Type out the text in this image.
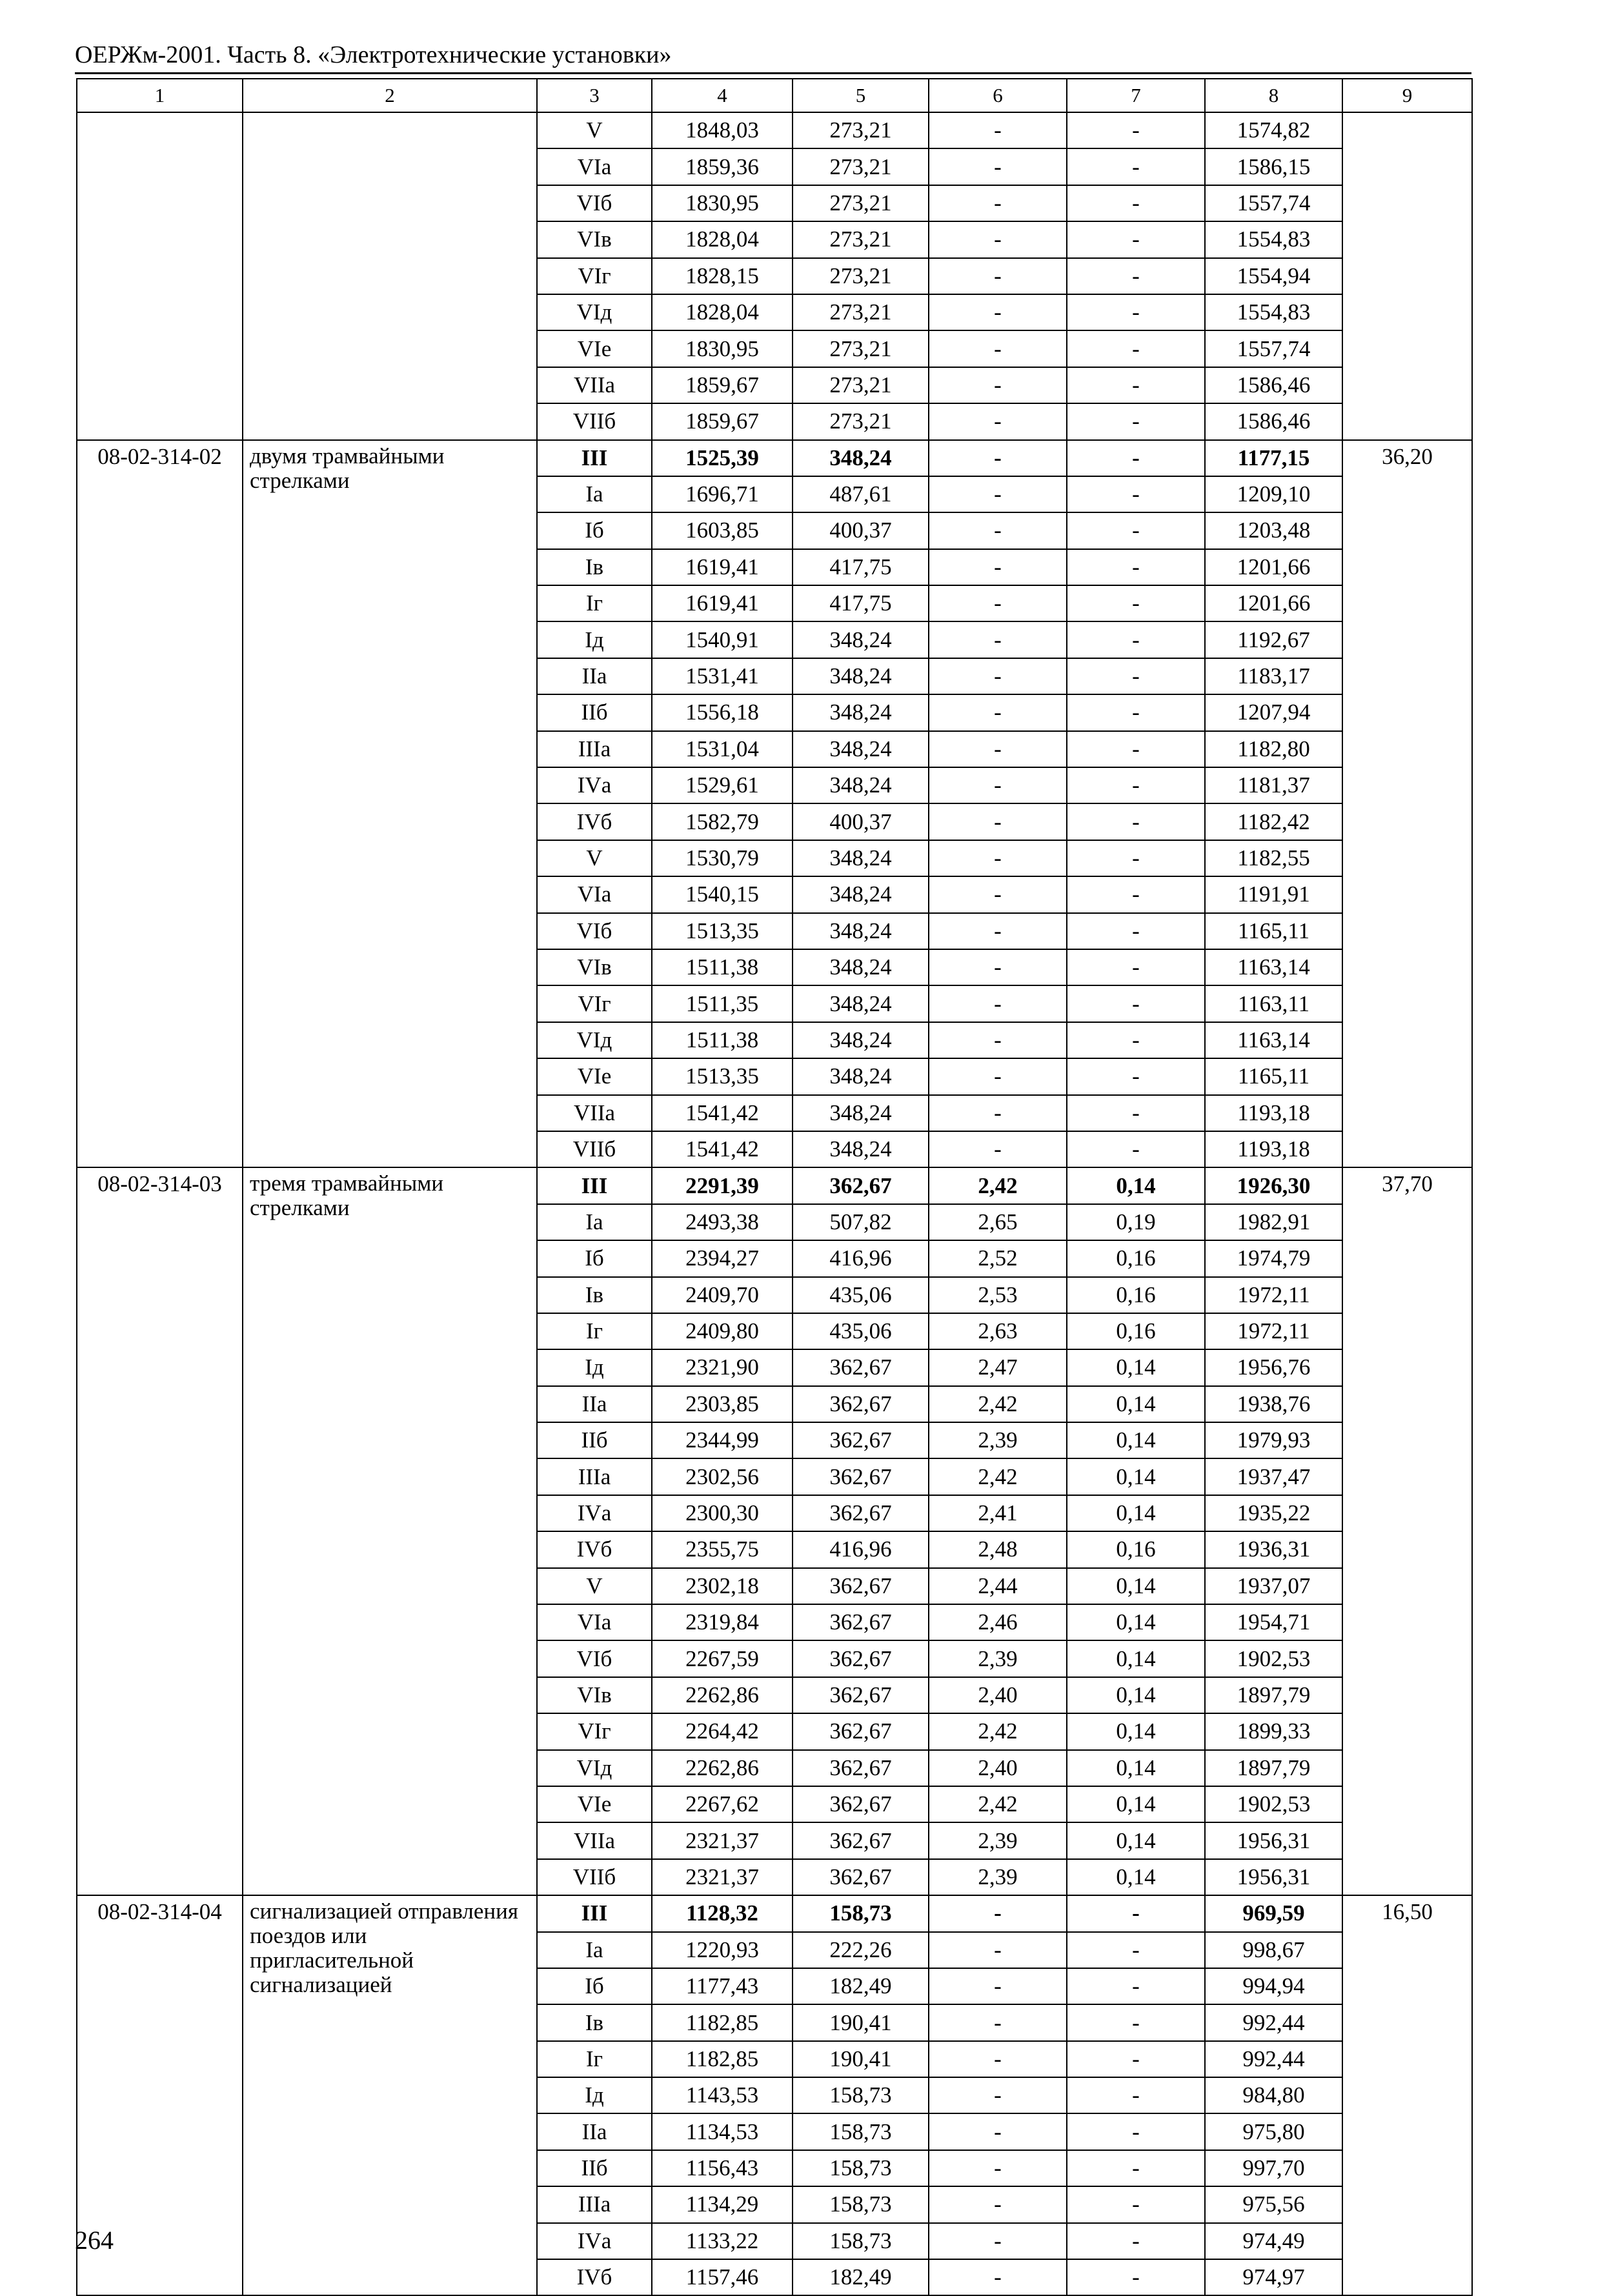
ОЕРЖм-2001. Часть 8. «Электротехнические установки»
1	2	3	4	5	6	7	8	9
		V	1848,03	273,21	-	-	1574,82	
		VIа	1859,36	273,21	-	-	1586,15	
		VIб	1830,95	273,21	-	-	1557,74	
		VIв	1828,04	273,21	-	-	1554,83	
		VIг	1828,15	273,21	-	-	1554,94	
		VIд	1828,04	273,21	-	-	1554,83	
		VIе	1830,95	273,21	-	-	1557,74	
		VIIа	1859,67	273,21	-	-	1586,46	
		VIIб	1859,67	273,21	-	-	1586,46	
08-02-314-02	двумя трамвайными стрелками	III	1525,39	348,24	-	-	1177,15	36,20
		Iа	1696,71	487,61	-	-	1209,10	
		Iб	1603,85	400,37	-	-	1203,48	
		Iв	1619,41	417,75	-	-	1201,66	
		Iг	1619,41	417,75	-	-	1201,66	
		Iд	1540,91	348,24	-	-	1192,67	
		IIа	1531,41	348,24	-	-	1183,17	
		IIб	1556,18	348,24	-	-	1207,94	
		IIIа	1531,04	348,24	-	-	1182,80	
		IVа	1529,61	348,24	-	-	1181,37	
		IVб	1582,79	400,37	-	-	1182,42	
		V	1530,79	348,24	-	-	1182,55	
		VIа	1540,15	348,24	-	-	1191,91	
		VIб	1513,35	348,24	-	-	1165,11	
		VIв	1511,38	348,24	-	-	1163,14	
		VIг	1511,35	348,24	-	-	1163,11	
		VIд	1511,38	348,24	-	-	1163,14	
		VIе	1513,35	348,24	-	-	1165,11	
		VIIа	1541,42	348,24	-	-	1193,18	
		VIIб	1541,42	348,24	-	-	1193,18	
08-02-314-03	тремя трамвайными стрелками	III	2291,39	362,67	2,42	0,14	1926,30	37,70
		Iа	2493,38	507,82	2,65	0,19	1982,91	
		Iб	2394,27	416,96	2,52	0,16	1974,79	
		Iв	2409,70	435,06	2,53	0,16	1972,11	
		Iг	2409,80	435,06	2,63	0,16	1972,11	
		Iд	2321,90	362,67	2,47	0,14	1956,76	
		IIа	2303,85	362,67	2,42	0,14	1938,76	
		IIб	2344,99	362,67	2,39	0,14	1979,93	
		IIIа	2302,56	362,67	2,42	0,14	1937,47	
		IVа	2300,30	362,67	2,41	0,14	1935,22	
		IVб	2355,75	416,96	2,48	0,16	1936,31	
		V	2302,18	362,67	2,44	0,14	1937,07	
		VIа	2319,84	362,67	2,46	0,14	1954,71	
		VIб	2267,59	362,67	2,39	0,14	1902,53	
		VIв	2262,86	362,67	2,40	0,14	1897,79	
		VIг	2264,42	362,67	2,42	0,14	1899,33	
		VIд	2262,86	362,67	2,40	0,14	1897,79	
		VIе	2267,62	362,67	2,42	0,14	1902,53	
		VIIа	2321,37	362,67	2,39	0,14	1956,31	
		VIIб	2321,37	362,67	2,39	0,14	1956,31	
08-02-314-04	сигнализацией отправления поездов или пригласительной сигнализацией	III	1128,32	158,73	-	-	969,59	16,50
		Iа	1220,93	222,26	-	-	998,67	
		Iб	1177,43	182,49	-	-	994,94	
		Iв	1182,85	190,41	-	-	992,44	
		Iг	1182,85	190,41	-	-	992,44	
		Iд	1143,53	158,73	-	-	984,80	
		IIа	1134,53	158,73	-	-	975,80	
		IIб	1156,43	158,73	-	-	997,70	
		IIIа	1134,29	158,73	-	-	975,56	
		IVа	1133,22	158,73	-	-	974,49	
		IVб	1157,46	182,49	-	-	974,97	
264
